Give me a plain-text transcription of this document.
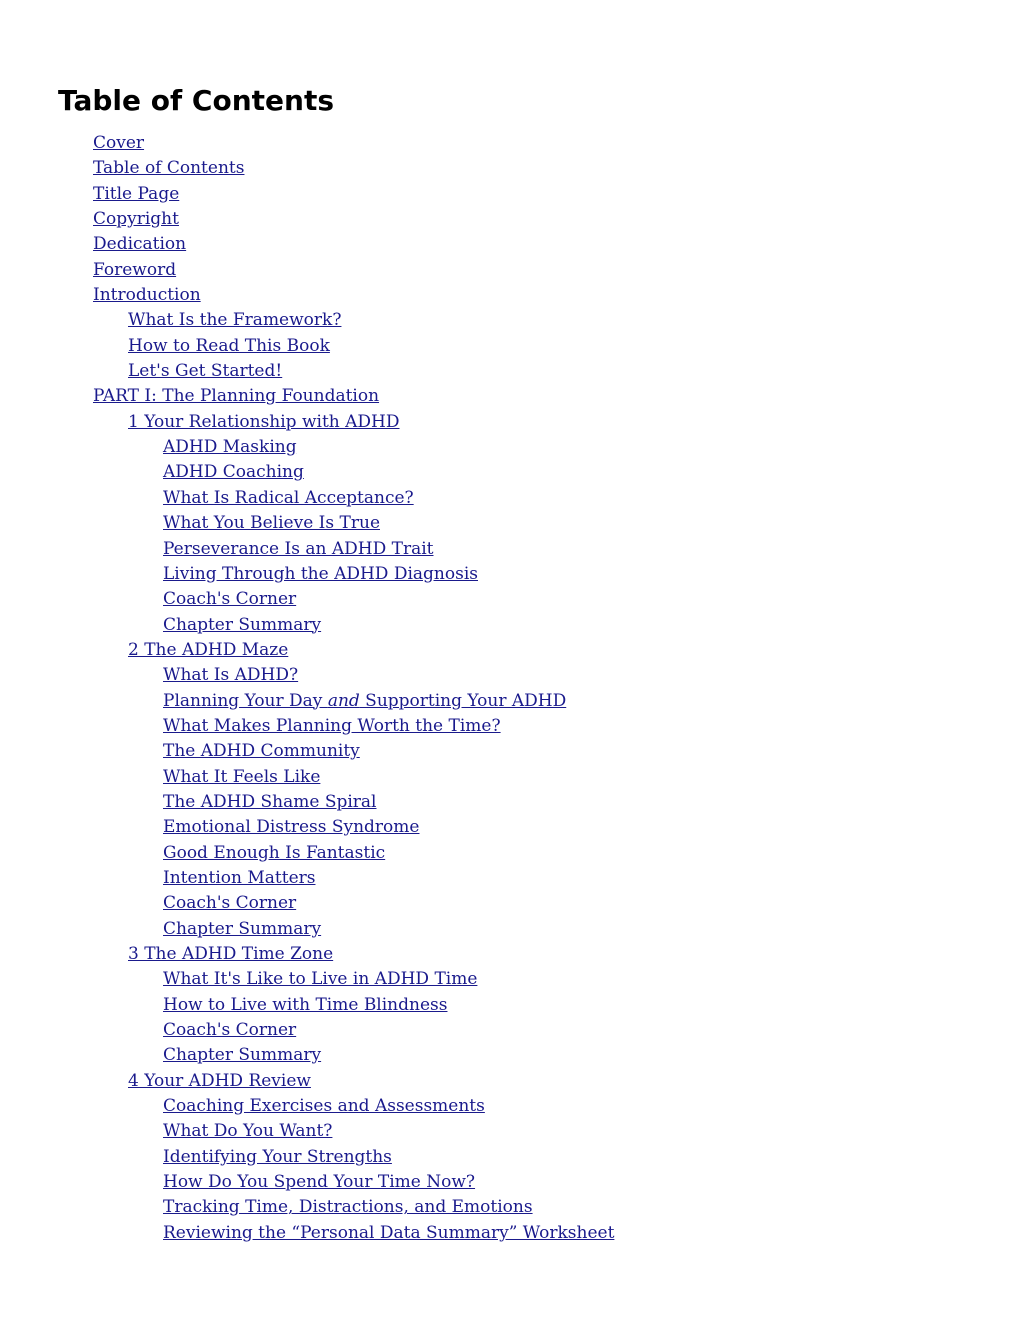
Table of Contents
Cover
Table of Contents
Title Page
Copyright
Dedication
Foreword
Introduction
What Is the Framework?
How to Read This Book
Let's Get Started!
PART I: The Planning Foundation
1 Your Relationship with ADHD
ADHD Masking
ADHD Coaching
What Is Radical Acceptance?
What You Believe Is True
Perseverance Is an ADHD Trait
Living Through the ADHD Diagnosis
Coach's Corner
Chapter Summary
2 The ADHD Maze
What Is ADHD?
Planning Your Day and Supporting Your ADHD
What Makes Planning Worth the Time?
The ADHD Community
What It Feels Like
The ADHD Shame Spiral
Emotional Distress Syndrome
Good Enough Is Fantastic
Intention Matters
Coach's Corner
Chapter Summary
3 The ADHD Time Zone
What It's Like to Live in ADHD Time
How to Live with Time Blindness
Coach's Corner
Chapter Summary
4 Your ADHD Review
Coaching Exercises and Assessments
What Do You Want?
Identifying Your Strengths
How Do You Spend Your Time Now?
Tracking Time, Distractions, and Emotions
Reviewing the “Personal Data Summary” Worksheet
